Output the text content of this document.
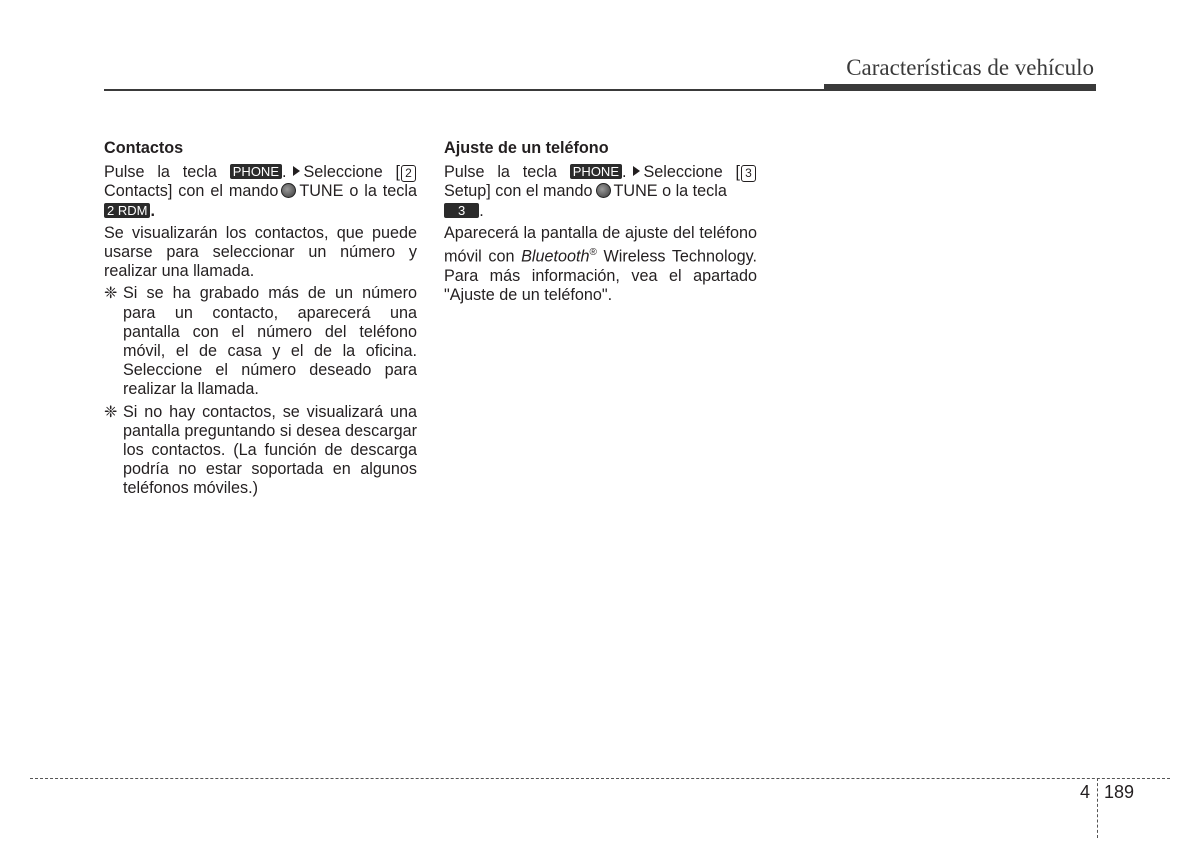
Características de vehículo
Contactos
Pulse la tecla PHONE . Seleccione [ 2 Contacts] con el mando TUNE o la tecla 2 RDM .
Se visualizarán los contactos, que puede usarse para seleccionar un número y realizar una llamada.
❈ Si se ha grabado más de un número para un contacto, aparecerá una pantalla con el número del teléfono móvil, el de casa y el de la oficina. Seleccione el número deseado para realizar la llamada.
❈ Si no hay contactos, se visualizará una pantalla preguntando si desea descargar los contactos. (La función de descarga podría no estar soportada en algunos teléfonos móviles.)
Ajuste de un teléfono
Pulse la tecla PHONE . Seleccione [ 3 Setup] con el mando TUNE o la tecla
3 .
Aparecerá la pantalla de ajuste del teléfono móvil con Bluetooth® Wireless Technology. Para más información, vea el apartado "Ajuste de un teléfono".
4 189
